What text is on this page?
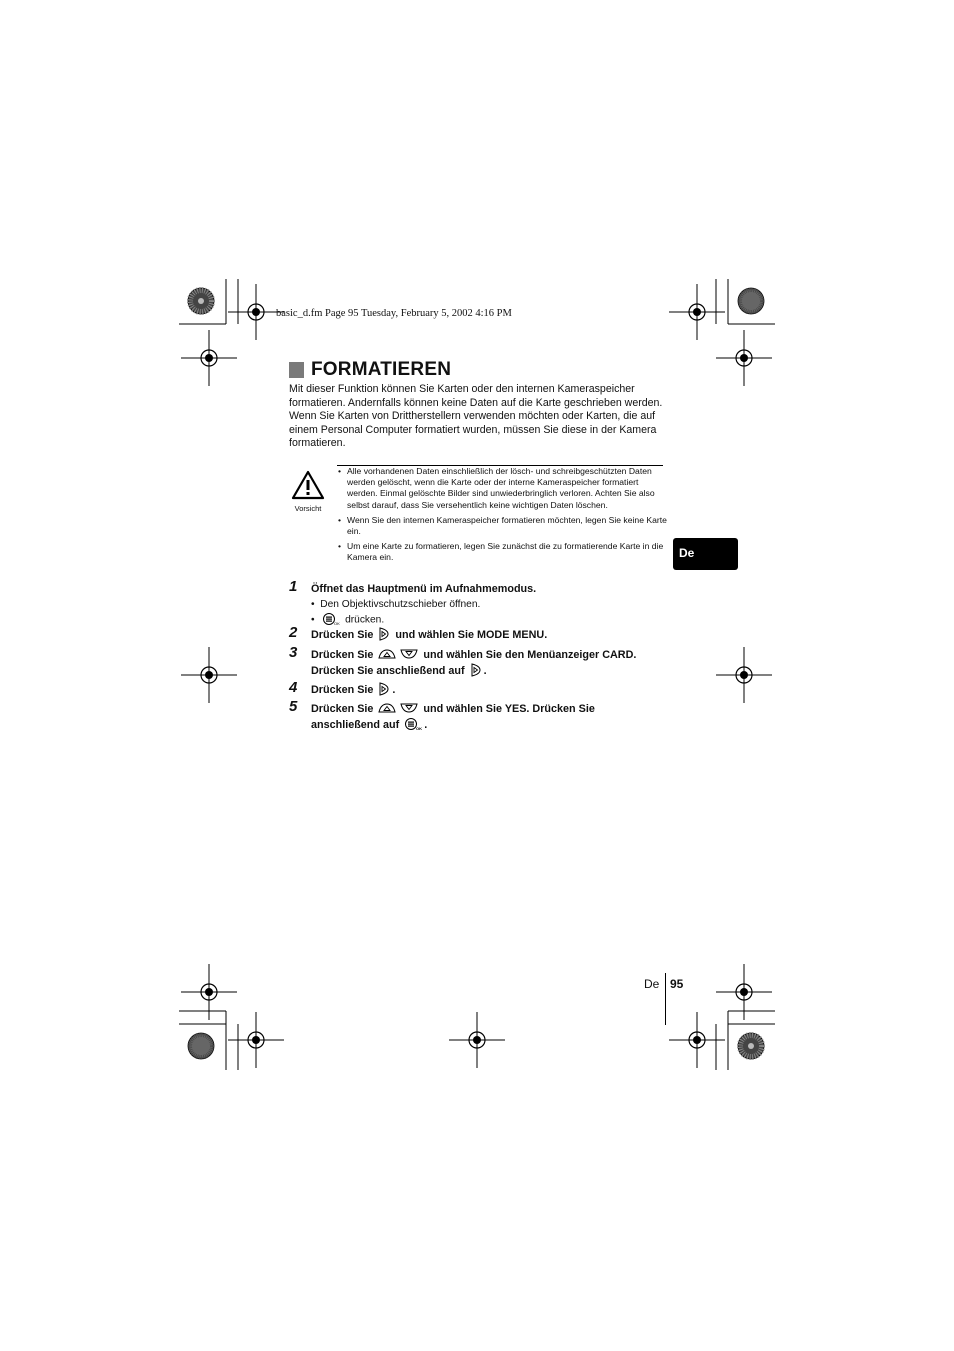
basic_d.fm Page 95 Tuesday, February 5, 2002 4:16 PM
FORMATIEREN
Mit dieser Funktion können Sie Karten oder den internen Kameraspeicher formatieren. Andernfalls können keine Daten auf die Karte geschrieben werden. Wenn Sie Karten von Drittherstellern verwenden möchten oder Karten, die auf einem Personal Computer formatiert wurden, müssen Sie diese in der Kamera formatieren.
Vorsicht
• Alle vorhandenen Daten einschließlich der lösch- und schreibgeschützten Daten werden gelöscht, wenn die Karte oder der interne Kameraspeicher formatiert werden. Einmal gelöschte Bilder sind unwiederbringlich verloren. Achten Sie also selbst darauf, dass Sie versehentlich keine wichtigen Daten löschen.
• Wenn Sie den internen Kameraspeicher formatieren möchten, legen Sie keine Karte ein.
• Um eine Karte zu formatieren, legen Sie zunächst die zu formatierende Karte in die Kamera ein.	De
1 Öffnet das Hauptmenü im Aufnahmemodus.
• Den Objektivschutzschieber öffnen.
•	OK drücken.
2 Drücken Sie und wählen Sie MODE MENU.
3 Drücken Sie	und wählen Sie den Menüanzeiger CARD.
Drücken Sie anschließend auf .
4 Drücken Sie .
5 Drücken Sie	und wählen Sie YES. Drücken Sie
anschließend auf	OK .
De 95
